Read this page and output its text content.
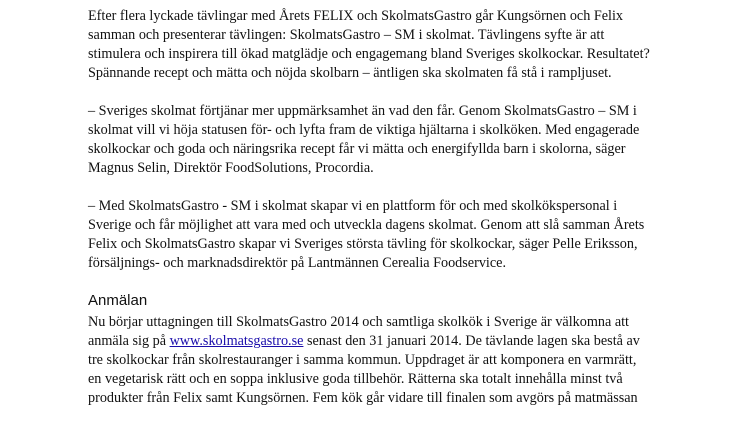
Efter flera lyckade tävlingar med Årets FELIX och SkolmatsGastro går Kungsörnen och Felix
samman och presenterar tävlingen: SkolmatsGastro – SM i skolmat. Tävlingens syfte är att
stimulera och inspirera till ökad matglädje och engagemang bland Sveriges skolkockar. Resultatet?
Spännande recept och mätta och nöjda skolbarn – äntligen ska skolmaten få stå i rampljuset.

– Sveriges skolmat förtjänar mer uppmärksamhet än vad den får. Genom SkolmatsGastro – SM i
skolmat vill vi höja statusen för- och lyfta fram de viktiga hjältarna i skolköken. Med engagerade
skolkockar och goda och näringsrika recept får vi mätta och energifyllda barn i skolorna, säger
Magnus Selin, Direktör FoodSolutions, Procordia.

– Med SkolmatsGastro - SM i skolmat skapar vi en plattform för och med skolkökspersonal i
Sverige och får möjlighet att vara med och utveckla dagens skolmat. Genom att slå samman Årets
Felix och SkolmatsGastro skapar vi Sveriges största tävling för skolkockar, säger Pelle Eriksson,
försäljnings- och marknadsdirektör på Lantmännen Cerealia Foodservice.

Anmälan

Nu börjar uttagningen till SkolmatsGastro 2014 och samtliga skolkök i Sverige är välkomna att
anmäla sig på www.skolmatsgastro.se senast den 31 januari 2014. De tävlande lagen ska bestå av
tre skolkockar från skolrestauranger i samma kommun. Uppdraget är att komponera en varmrätt,
en vegetarisk rätt och en soppa inklusive goda tillbehör. Rätterna ska totalt innehålla minst två
produkter från Felix samt Kungsörnen. Fem kök går vidare till finalen som avgörs på matmässan
